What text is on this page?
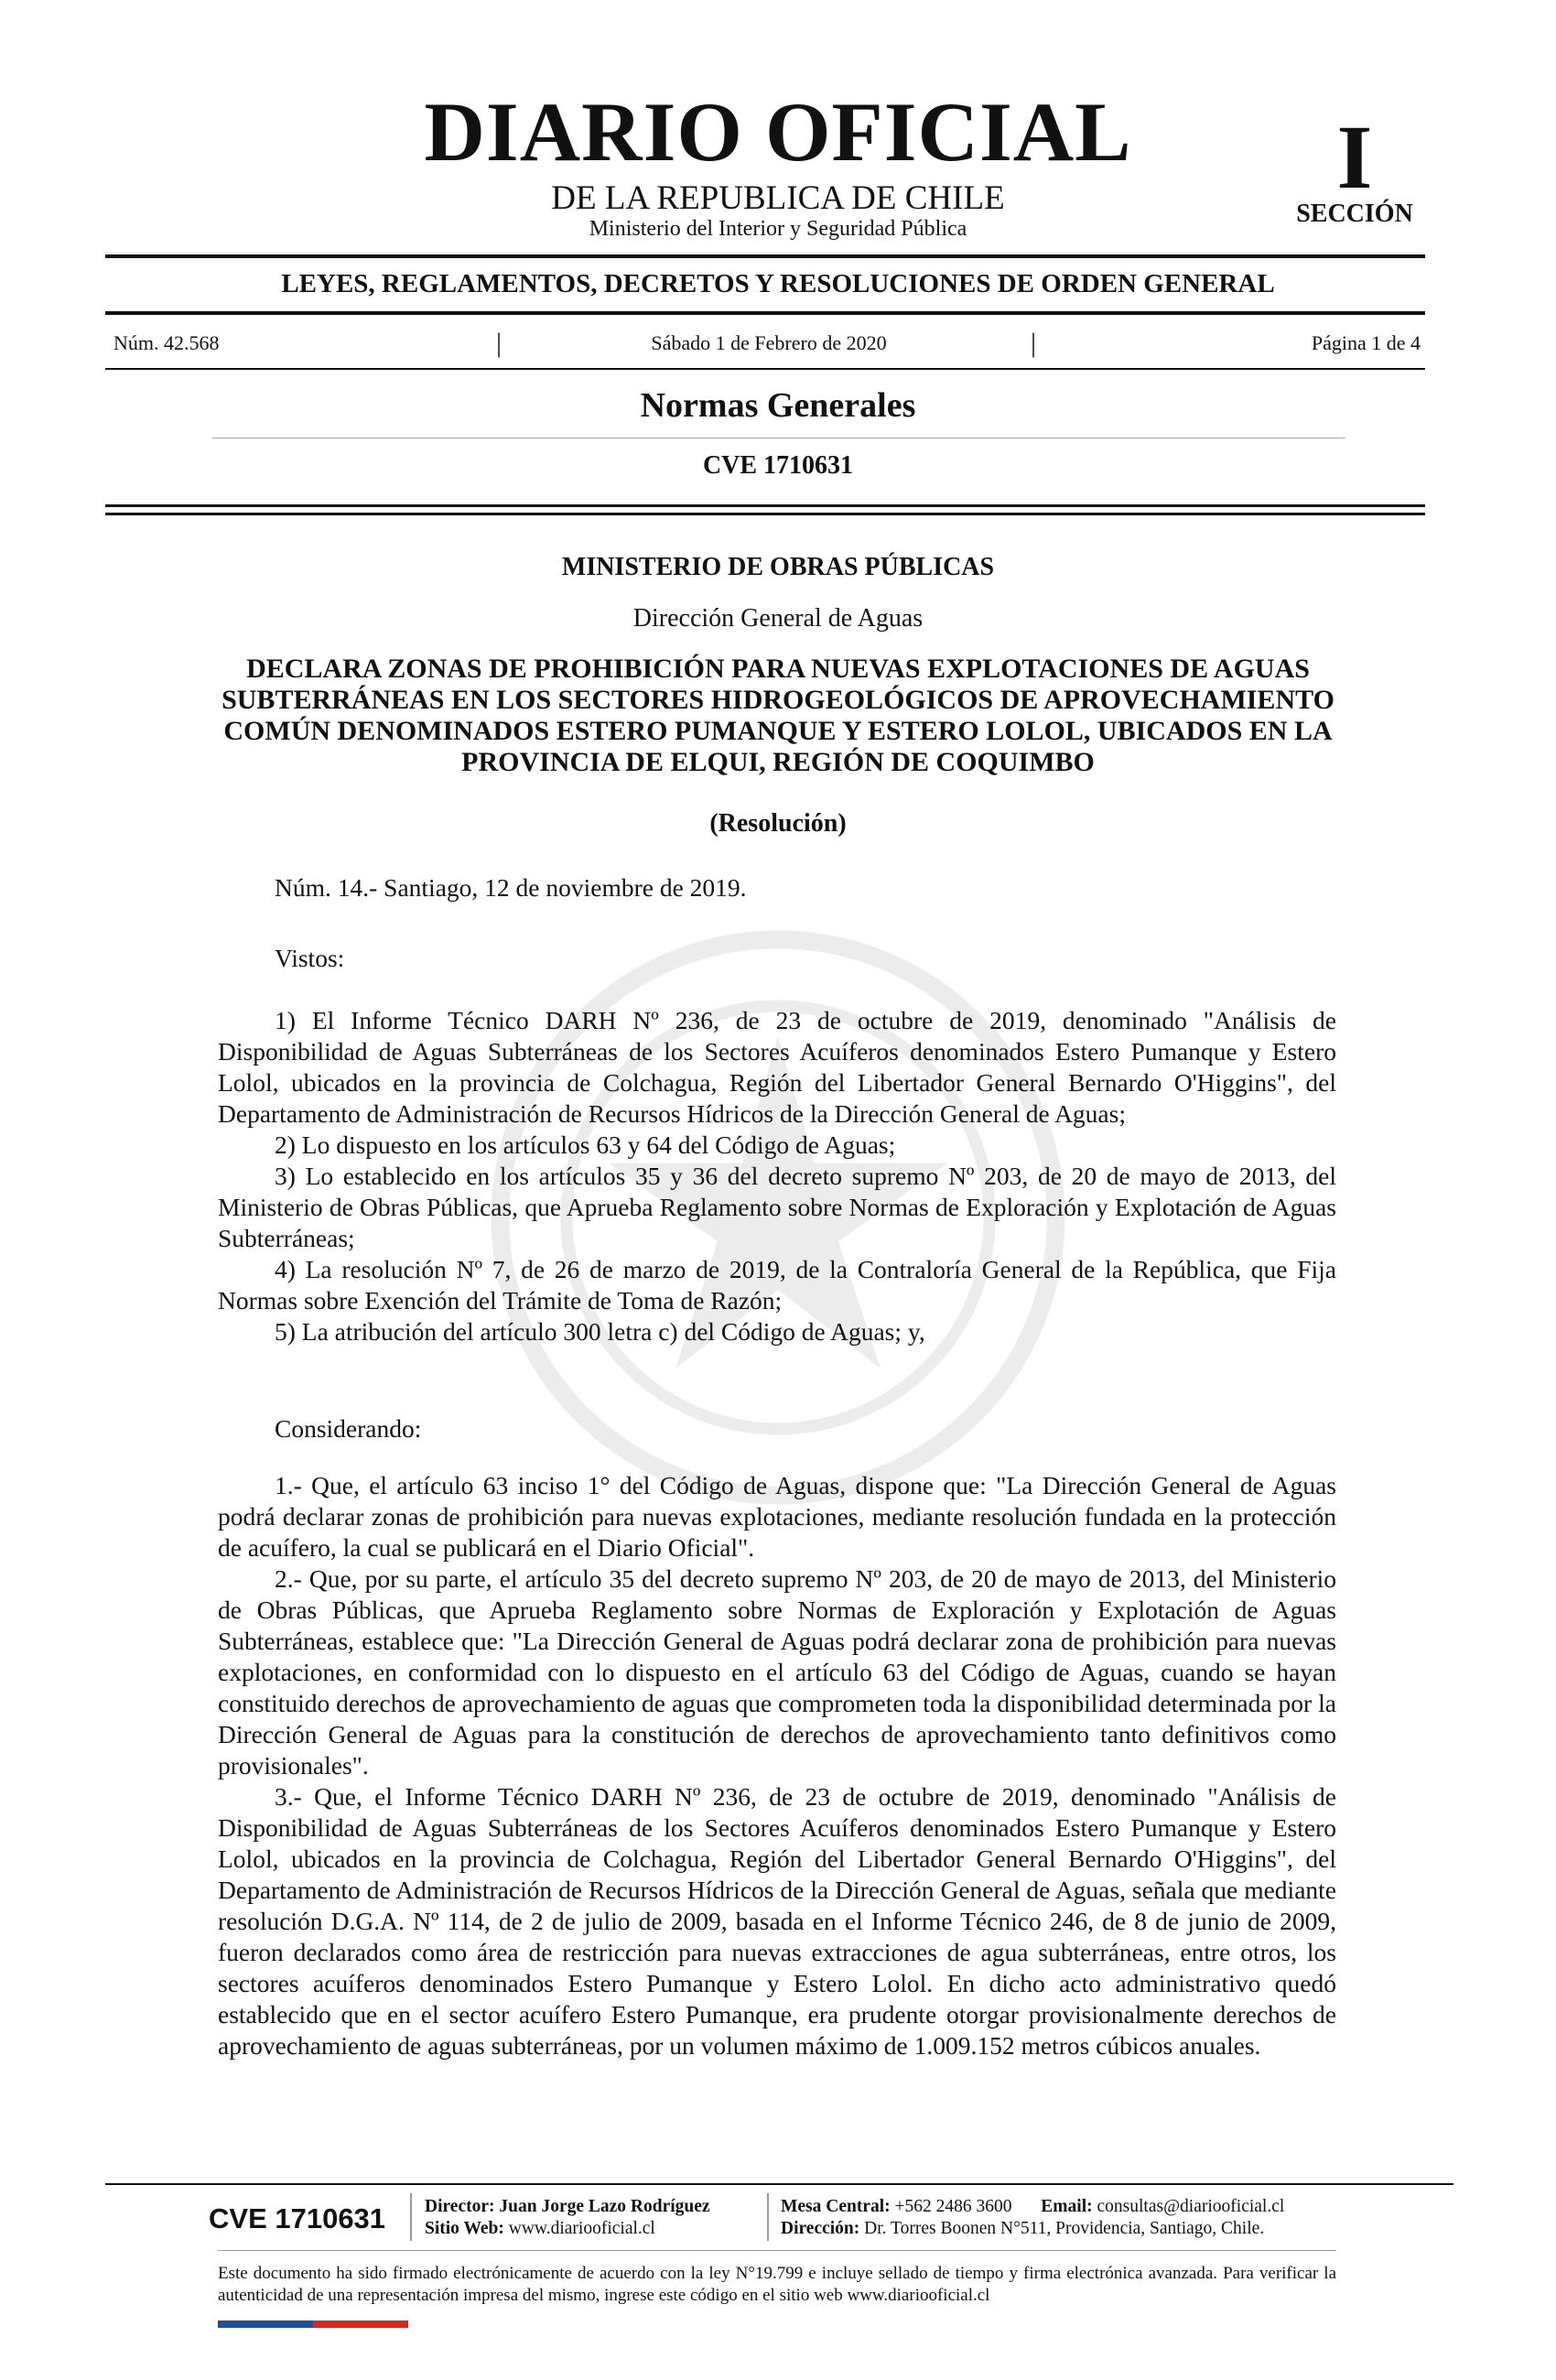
DIARIO OFICIAL
DE LA REPUBLICA DE CHILE
Ministerio del Interior y Seguridad Pública
I
SECCIÓN
LEYES, REGLAMENTOS, DECRETOS Y RESOLUCIONES DE ORDEN GENERAL
Núm. 42.568	|	Sábado 1 de Febrero de 2020	|	Página 1 de 4
Normas Generales
CVE 1710631
MINISTERIO DE OBRAS PÚBLICAS
Dirección General de Aguas
DECLARA ZONAS DE PROHIBICIÓN PARA NUEVAS EXPLOTACIONES DE AGUAS SUBTERRÁNEAS EN LOS SECTORES HIDROGEOLÓGICOS DE APROVECHAMIENTO COMÚN DENOMINADOS ESTERO PUMANQUE Y ESTERO LOLOL, UBICADOS EN LA PROVINCIA DE ELQUI, REGIÓN DE COQUIMBO
(Resolución)
Núm. 14.- Santiago, 12 de noviembre de 2019.
Vistos:

1) El Informe Técnico DARH Nº 236, de 23 de octubre de 2019, denominado "Análisis de Disponibilidad de Aguas Subterráneas de los Sectores Acuíferos denominados Estero Pumanque y Estero Lolol, ubicados en la provincia de Colchagua, Región del Libertador General Bernardo O'Higgins", del Departamento de Administración de Recursos Hídricos de la Dirección General de Aguas;

2) Lo dispuesto en los artículos 63 y 64 del Código de Aguas;

3) Lo establecido en los artículos 35 y 36 del decreto supremo Nº 203, de 20 de mayo de 2013, del Ministerio de Obras Públicas, que Aprueba Reglamento sobre Normas de Exploración y Explotación de Aguas Subterráneas;

4) La resolución Nº 7, de 26 de marzo de 2019, de la Contraloría General de la República, que Fija Normas sobre Exención del Trámite de Toma de Razón;

5) La atribución del artículo 300 letra c) del Código de Aguas; y,

Considerando:

1.- Que, el artículo 63 inciso 1° del Código de Aguas, dispone que: "La Dirección General de Aguas podrá declarar zonas de prohibición para nuevas explotaciones, mediante resolución fundada en la protección de acuífero, la cual se publicará en el Diario Oficial".

2.- Que, por su parte, el artículo 35 del decreto supremo Nº 203, de 20 de mayo de 2013, del Ministerio de Obras Públicas, que Aprueba Reglamento sobre Normas de Exploración y Explotación de Aguas Subterráneas, establece que: "La Dirección General de Aguas podrá declarar zona de prohibición para nuevas explotaciones, en conformidad con lo dispuesto en el artículo 63 del Código de Aguas, cuando se hayan constituido derechos de aprovechamiento de aguas que comprometen toda la disponibilidad determinada por la Dirección General de Aguas para la constitución de derechos de aprovechamiento tanto definitivos como provisionales".

3.- Que, el Informe Técnico DARH Nº 236, de 23 de octubre de 2019, denominado "Análisis de Disponibilidad de Aguas Subterráneas de los Sectores Acuíferos denominados Estero Pumanque y Estero Lolol, ubicados en la provincia de Colchagua, Región del Libertador General Bernardo O'Higgins", del Departamento de Administración de Recursos Hídricos de la Dirección General de Aguas, señala que mediante resolución D.G.A. Nº 114, de 2 de julio de 2009, basada en el Informe Técnico 246, de 8 de junio de 2009, fueron declarados como área de restricción para nuevas extracciones de agua subterráneas, entre otros, los sectores acuíferos denominados Estero Pumanque y Estero Lolol. En dicho acto administrativo quedó establecido que en el sector acuífero Estero Pumanque, era prudente otorgar provisionalmente derechos de aprovechamiento de aguas subterráneas, por un volumen máximo de 1.009.152 metros cúbicos anuales.

CVE 1710631 Director: Juan Jorge Lazo Rodríguez
Sitio Web: www.diariooficial.cl
Mesa Central: +562 2486 3600 Email: consultas@diariooficial.cl
Dirección: Dr. Torres Boonen N°511, Providencia, Santiago, Chile.
Este documento ha sido firmado electrónicamente de acuerdo con la ley N°19.799 e incluye sellado de tiempo y firma electrónica avanzada. Para verificar la autenticidad de una representación impresa del mismo, ingrese este código en el sitio web www.diariooficial.cl
